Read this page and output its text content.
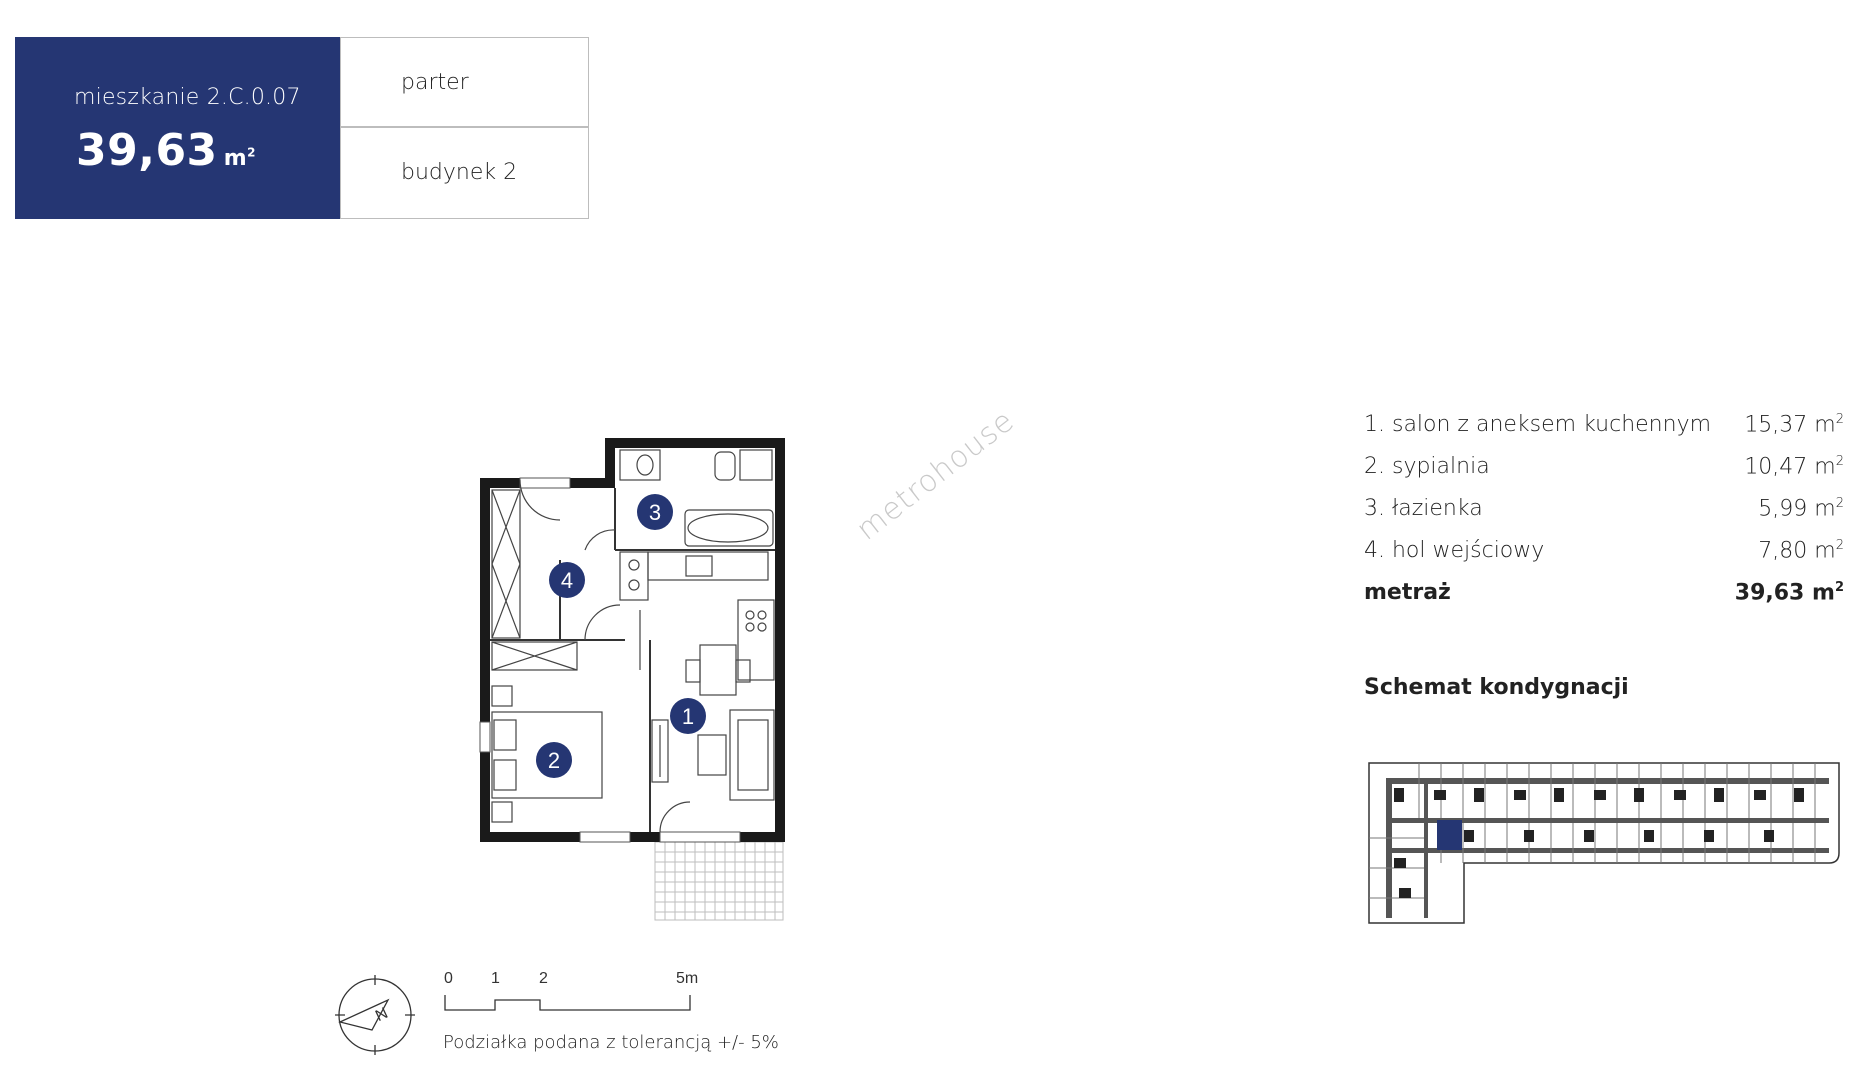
mieszkanie 2.C.0.07
39,63 $m^2$
parter
budynek 2
3
4
1
2
metrohouse	1. salon z aneksem kuchennym 15,37 $m^2$
2. sypialnia	10,47 $m^2$
3. łazienka	5,99 $m^2$
4. hol wejściowy	7,80 $m^2$
metraż	39,63 $m^2$
Schemat kondygnacji
N
0 1 2	5m
Podziałka podana z tolerancją +/- 5%
